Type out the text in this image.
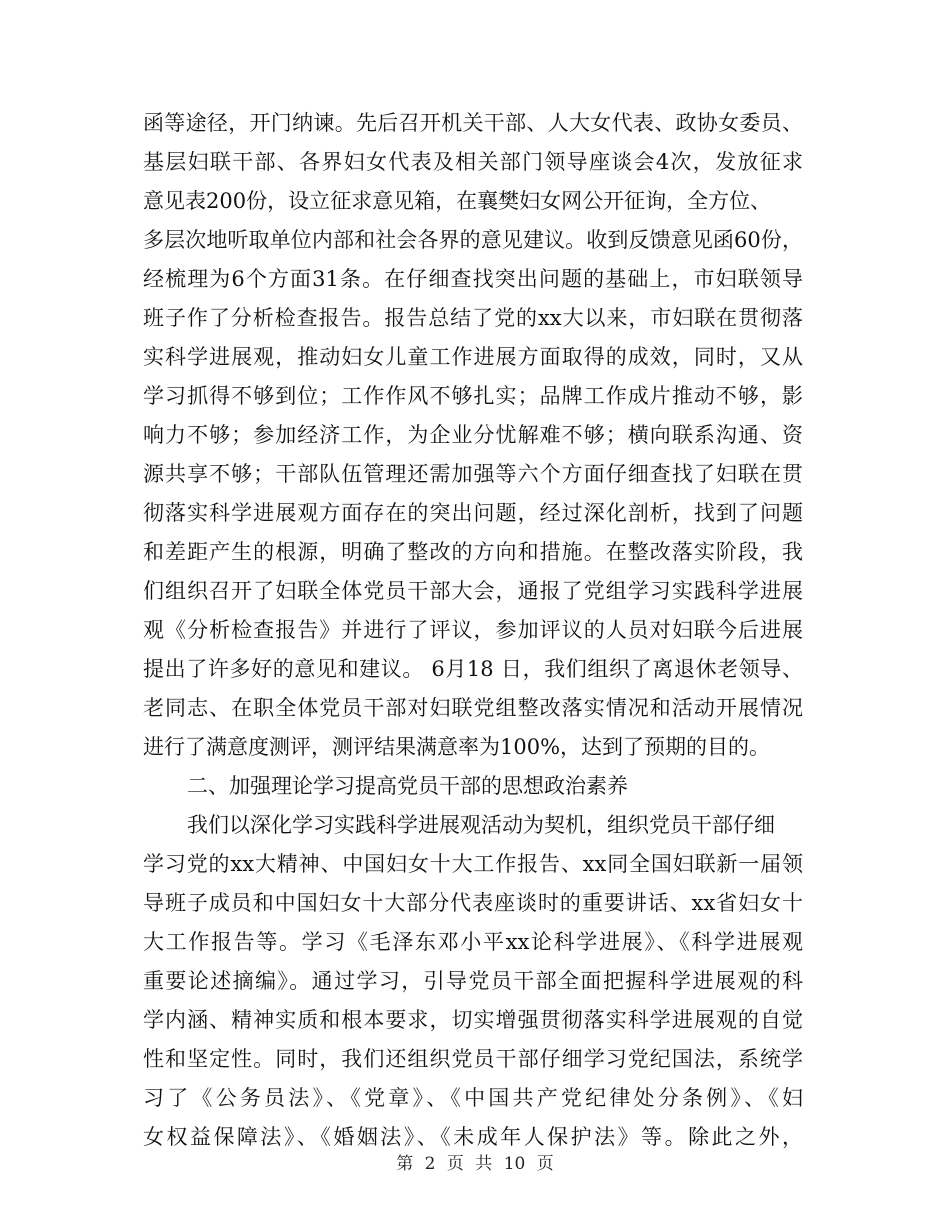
函等途径，开门纳谏。先后召开机关干部、人大女代表、政协女委员、
基层妇联干部、各界妇女代表及相关部门领导座谈会4次，发放征求
意见表200份，设立征求意见箱，在襄樊妇女网公开征询，全方位、
多层次地听取单位内部和社会各界的意见建议。收到反馈意见函60份，
经梳理为6个方面31条。在仔细查找突出问题的基础上，市妇联领导
班子作了分析检查报告。报告总结了党的xx大以来，市妇联在贯彻落
实科学进展观，推动妇女儿童工作进展方面取得的成效，同时，又从
学习抓得不够到位；工作作风不够扎实；品牌工作成片推动不够，影
响力不够；参加经济工作，为企业分忧解难不够；横向联系沟通、资
源共享不够；干部队伍管理还需加强等六个方面仔细查找了妇联在贯
彻落实科学进展观方面存在的突出问题，经过深化剖析，找到了问题
和差距产生的根源，明确了整改的方向和措施。在整改落实阶段，我
们组织召开了妇联全体党员干部大会，通报了党组学习实践科学进展
观《分析检查报告》并进行了评议，参加评议的人员对妇联今后进展
提出了许多好的意见和建议。 6月18 日，我们组织了离退休老领导、
老同志、在职全体党员干部对妇联党组整改落实情况和活动开展情况
进行了满意度测评，测评结果满意率为100%，达到了预期的目的。
二、加强理论学习提高党员干部的思想政治素养
我们以深化学习实践科学进展观活动为契机，组织党员干部仔细
学习党的xx大精神、中国妇女十大工作报告、xx同全国妇联新一届领
导班子成员和中国妇女十大部分代表座谈时的重要讲话、xx省妇女十
大工作报告等。学习《毛泽东邓小平xx论科学进展》、《科学进展观
重要论述摘编》。通过学习，引导党员干部全面把握科学进展观的科
学内涵、精神实质和根本要求，切实增强贯彻落实科学进展观的自觉
性和坚定性。同时，我们还组织党员干部仔细学习党纪国法，系统学
习了《公务员法》、《党章》、《中国共产党纪律处分条例》、《妇
女权益保障法》、《婚姻法》、《未成年人保护法》等。除此之外，
第 2 页 共 10 页
